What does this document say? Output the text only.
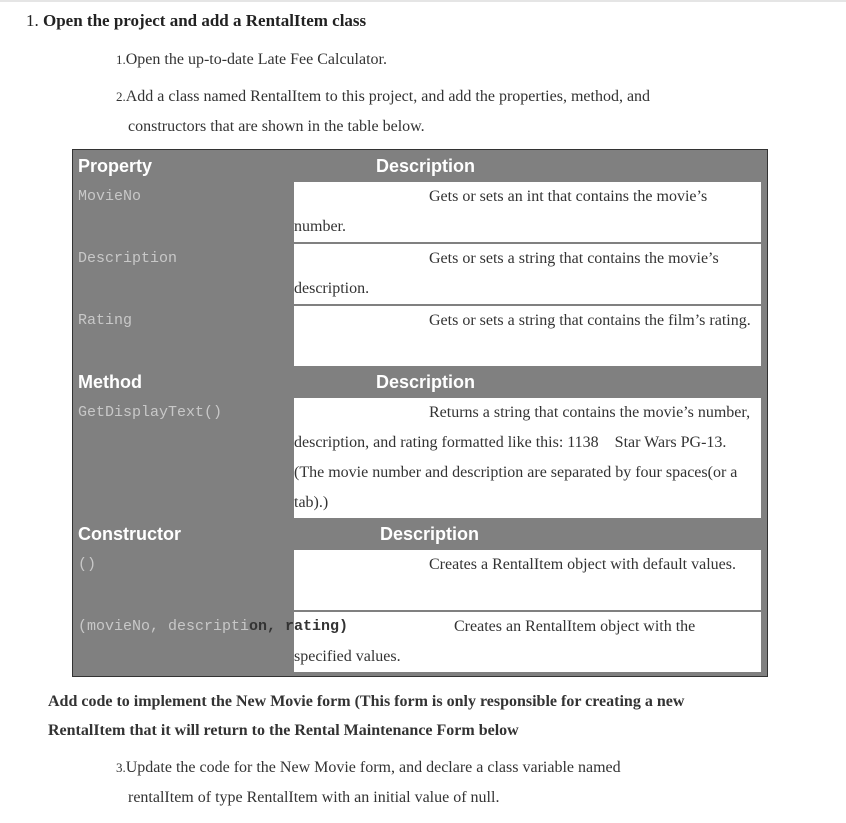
1. Open the project and add a RentalItem class
1.Open the up-to-date Late Fee Calculator.
2.Add a class named RentalItem to this project, and add the properties, method, and
constructors that are shown in the table below.
Property	Description
MovieNo	Gets or sets an int that contains the movie’s number.
Description	Gets or sets a string that contains the movie’s description.
Rating	Gets or sets a string that contains the film’s rating.
Method	Description
GetDisplayText()	Returns a string that contains the movie’s number, description, and rating formatted like this: 1138    Star Wars PG-13. (The movie number and description are separated by four spaces(or a tab).)
Constructor	Description
()	Creates a RentalItem object with default values.

(movieNo, description, rating)	Creates an RentalItem object with the specified values.
Add code to implement the New Movie form (This form is only responsible for creating a new
RentalItem that it will return to the Rental Maintenance Form below
3.Update the code for the New Movie form, and declare a class variable named
rentalItem of type RentalItem with an initial value of null.
